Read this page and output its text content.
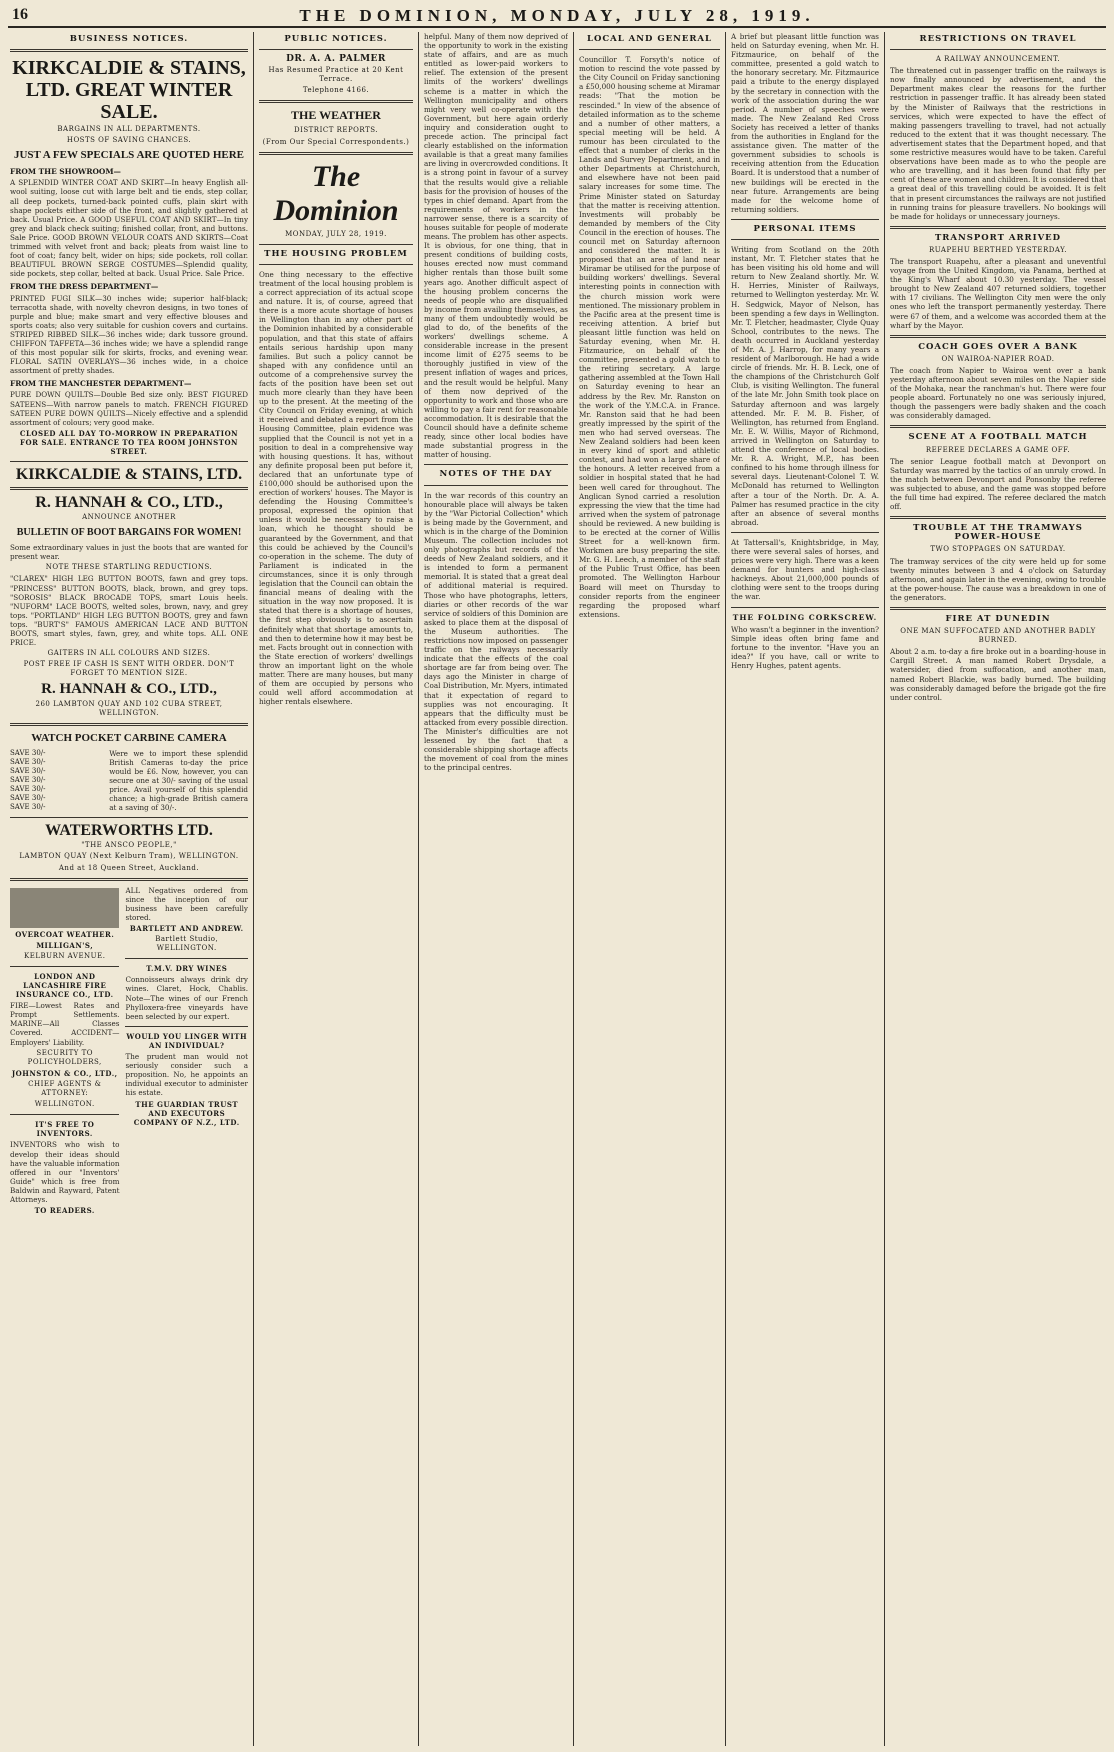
16	THE DOMINION, MONDAY, JULY 28, 1919.
BUSINESS NOTICES.
KIRKCALDIE & STAINS, LTD. GREAT WINTER SALE.
BARGAINS IN ALL DEPARTMENTS.
HOSTS OF SAVING CHANCES.
JUST A FEW SPECIALS ARE QUOTED HERE
FROM THE SHOWROOM—
A SPLENDID WINTER COAT AND SKIRT—In heavy English all-wool suiting, loose cut with large belt and tie ends, step collar, all deep pockets, turned-back pointed cuffs, plain skirt with shape pockets either side of the front, and slightly gathered at back. Usual Price. A GOOD USEFUL COAT AND SKIRT—In tiny grey and black check suiting; finished collar, front, and buttons. Sale Price. GOOD BROWN VELOUR COATS AND SKIRTS—Coat trimmed with velvet front and back; pleats from waist line to foot of coat; fancy belt, wider on hips; side pockets, roll collar. BEAUTIFUL BROWN SERGE COSTUMES—Splendid quality, side pockets, step collar, belted at back. Usual Price. Sale Price.
FROM THE DRESS DEPARTMENT—
PRINTED FUGI SILK—30 inches wide; superior half-black; terracotta shade, with novelty chevron designs, in two tones of purple and blue; make smart and very effective blouses and sports coats; also very suitable for cushion covers and curtains. STRIPED RIBBED SILK—36 inches wide; dark tussore ground. CHIFFON TAFFETA—36 inches wide; we have a splendid range of this most popular silk for skirts, frocks, and evening wear. FLORAL SATIN OVERLAYS—36 inches wide, in a choice assortment of pretty shades.
FROM THE MANCHESTER DEPARTMENT—
PURE DOWN QUILTS—Double Bed size only. BEST FIGURED SATEENS—With narrow panels to match. FRENCH FIGURED SATEEN PURE DOWN QUILTS—Nicely effective and a splendid assortment of colours; very good make.
CLOSED ALL DAY TO-MORROW IN PREPARATION FOR SALE. ENTRANCE TO TEA ROOM JOHNSTON STREET.
KIRKCALDIE & STAINS, LTD.
R. HANNAH & CO., LTD.,
ANNOUNCE ANOTHER
BULLETIN OF BOOT BARGAINS FOR WOMEN!
Some extraordinary values in just the boots that are wanted for present wear.
NOTE THESE STARTLING REDUCTIONS.
"CLAREX" HIGH LEG BUTTON BOOTS, fawn and grey tops. "PRINCESS" BUTTON BOOTS, black, brown, and grey tops. "SOROSIS" BLACK BROCADE TOPS, smart Louis heels. "NUFORM" LACE BOOTS, welted soles, brown, navy, and grey tops. "PORTLAND" HIGH LEG BUTTON BOOTS, grey and fawn tops. "BURT'S" FAMOUS AMERICAN LACE AND BUTTON BOOTS, smart styles, fawn, grey, and white tops. ALL ONE PRICE.
GAITERS IN ALL COLOURS AND SIZES.
POST FREE IF CASH IS SENT WITH ORDER. DON'T FORGET TO MENTION SIZE.
R. HANNAH & CO., LTD.,
260 LAMBTON QUAY AND 102 CUBA STREET, WELLINGTON.
WATCH POCKET CARBINE CAMERA
SAVE 30/-
SAVE 30/-
SAVE 30/-
SAVE 30/-
SAVE 30/-
SAVE 30/-
SAVE 30/-
Were we to import these splendid British Cameras to-day the price would be £6. Now, however, you can secure one at 30/- saving of the usual price. Avail yourself of this splendid chance; a high-grade British camera at a saving of 30/-.
WATERWORTHS LTD.
"THE ANSCO PEOPLE,"
LAMBTON QUAY (Next Kelburn Tram), WELLINGTON.
And at 18 Queen Street, Auckland.
OVERCOAT WEATHER.
MILLIGAN'S,
KELBURN AVENUE.
LONDON AND LANCASHIRE FIRE INSURANCE CO., LTD.
FIRE—Lowest Rates and Prompt Settlements. MARINE—All Classes Covered. ACCIDENT—Employers' Liability.
SECURITY TO POLICYHOLDERS,
JOHNSTON & CO., LTD.,
CHIEF AGENTS & ATTORNEY:
WELLINGTON.
IT'S FREE TO INVENTORS.
INVENTORS who wish to develop their ideas should have the valuable information offered in our "Inventors' Guide" which is free from Baldwin and Rayward, Patent Attorneys.
TO READERS.
ALL Negatives ordered from since the inception of our business have been carefully stored.
BARTLETT AND ANDREW.
Bartlett Studio, WELLINGTON.
T.M.V. DRY WINES
Connoisseurs always drink dry wines. Claret, Hock, Chablis. Note—The wines of our French Phylloxera-free vineyards have been selected by our expert.
WOULD YOU LINGER WITH AN INDIVIDUAL?
The prudent man would not seriously consider such a proposition. No, he appoints an individual executor to administer his estate.
THE GUARDIAN TRUST AND EXECUTORS COMPANY OF N.Z., LTD.
PUBLIC NOTICES.
DR. A. A. PALMER
Has Resumed Practice at 20 Kent Terrace.
Telephone 4166.
THE WEATHER
DISTRICT REPORTS.
(From Our Special Correspondents.)
The Dominion
MONDAY, JULY 28, 1919.
THE HOUSING PROBLEM
One thing necessary to the effective treatment of the local housing problem is a correct appreciation of its actual scope and nature. It is, of course, agreed that there is a more acute shortage of houses in Wellington than in any other part of the Dominion inhabited by a considerable population, and that this state of affairs entails serious hardship upon many families. But such a policy cannot be shaped with any confidence until an outcome of a comprehensive survey the facts of the position have been set out much more clearly than they have been up to the present. At the meeting of the City Council on Friday evening, at which it received and debated a report from the Housing Committee, plain evidence was supplied that the Council is not yet in a position to deal in a comprehensive way with housing questions. It has, without any definite proposal been put before it, declared that an unfortunate type of £100,000 should be authorised upon the erection of workers' houses. The Mayor is defending the Housing Committee's proposal, expressed the opinion that unless it would be necessary to raise a loan, which he thought should be guaranteed by the Government, and that this could be achieved by the Council's co-operation in the scheme. The duty of Parliament is indicated in the circumstances, since it is only through legislation that the Council can obtain the financial means of dealing with the situation in the way now proposed. It is stated that there is a shortage of houses, the first step obviously is to ascertain definitely what that shortage amounts to, and then to determine how it may best be met. Facts brought out in connection with the State erection of workers' dwellings throw an important light on the whole matter. There are many houses, but many of them are occupied by persons who could well afford accommodation at higher rentals elsewhere.
helpful. Many of them now deprived of the opportunity to work in the existing state of affairs, and are as much entitled as lower-paid workers to relief. The extension of the present limits of the workers' dwellings scheme is a matter in which the Wellington municipality and others might very well co-operate with the Government, but here again orderly inquiry and consideration ought to precede action. The principal fact clearly established on the information available is that a great many families are living in overcrowded conditions. It is a strong point in favour of a survey that the results would give a reliable basis for the provision of houses of the types in chief demand. Apart from the requirements of workers in the narrower sense, there is a scarcity of houses suitable for people of moderate means. The problem has other aspects. It is obvious, for one thing, that in present conditions of building costs, houses erected now must command higher rentals than those built some years ago. Another difficult aspect of the housing problem concerns the needs of people who are disqualified by income from availing themselves, as many of them undoubtedly would be glad to do, of the benefits of the workers' dwellings scheme. A considerable increase in the present income limit of £275 seems to be thoroughly justified in view of the present inflation of wages and prices, and the result would be helpful. Many of them now deprived of the opportunity to work and those who are willing to pay a fair rent for reasonable accommodation. It is desirable that the Council should have a definite scheme ready, since other local bodies have made substantial progress in the matter of housing.
NOTES OF THE DAY
In the war records of this country an honourable place will always be taken by the "War Pictorial Collection" which is being made by the Government, and which is in the charge of the Dominion Museum. The collection includes not only photographs but records of the deeds of New Zealand soldiers, and it is intended to form a permanent memorial. It is stated that a great deal of additional material is required. Those who have photographs, letters, diaries or other records of the war service of soldiers of this Dominion are asked to place them at the disposal of the Museum authorities. The restrictions now imposed on passenger traffic on the railways necessarily indicate that the effects of the coal shortage are far from being over. The days ago the Minister in charge of Coal Distribution, Mr. Myers, intimated that it expectation of regard to supplies was not encouraging. It appears that the difficulty must be attacked from every possible direction. The Minister's difficulties are not lessened by the fact that a considerable shipping shortage affects the movement of coal from the mines to the principal centres.
LOCAL AND GENERAL
Councillor T. Forsyth's notice of motion to rescind the vote passed by the City Council on Friday sanctioning a £50,000 housing scheme at Miramar reads: "That the motion be rescinded." In view of the absence of detailed information as to the scheme and a number of other matters, a special meeting will be held. A rumour has been circulated to the effect that a number of clerks in the Lands and Survey Department, and in other Departments at Christchurch, and elsewhere have not been paid salary increases for some time. The Prime Minister stated on Saturday that the matter is receiving attention. Investments will probably be demanded by members of the City Council in the erection of houses. The council met on Saturday afternoon and considered the matter. It is proposed that an area of land near Miramar be utilised for the purpose of building workers' dwellings. Several interesting points in connection with the church mission work were mentioned. The missionary problem in the Pacific area at the present time is receiving attention. A brief but pleasant little function was held on Saturday evening, when Mr. H. Fitzmaurice, on behalf of the committee, presented a gold watch to the retiring secretary. A large gathering assembled at the Town Hall on Saturday evening to hear an address by the Rev. Mr. Ranston on the work of the Y.M.C.A. in France. Mr. Ranston said that he had been greatly impressed by the spirit of the men who had served overseas. The New Zealand soldiers had been keen in every kind of sport and athletic contest, and had won a large share of the honours. A letter received from a soldier in hospital stated that he had been well cared for throughout. The Anglican Synod carried a resolution expressing the view that the time had arrived when the system of patronage should be reviewed. A new building is to be erected at the corner of Willis Street for a well-known firm. Workmen are busy preparing the site. Mr. G. H. Leech, a member of the staff of the Public Trust Office, has been promoted. The Wellington Harbour Board will meet on Thursday to consider reports from the engineer regarding the proposed wharf extensions.
A brief but pleasant little function was held on Saturday evening, when Mr. H. Fitzmaurice, on behalf of the committee, presented a gold watch to the honorary secretary. Mr. Fitzmaurice paid a tribute to the energy displayed by the secretary in connection with the work of the association during the war period. A number of speeches were made. The New Zealand Red Cross Society has received a letter of thanks from the authorities in England for the assistance given. The matter of the government subsidies to schools is receiving attention from the Education Board. It is understood that a number of new buildings will be erected in the near future. Arrangements are being made for the welcome home of returning soldiers.
PERSONAL ITEMS
Writing from Scotland on the 20th instant, Mr. T. Fletcher states that he has been visiting his old home and will return to New Zealand shortly. Mr. W. H. Herries, Minister of Railways, returned to Wellington yesterday. Mr. W. H. Sedgwick, Mayor of Nelson, has been spending a few days in Wellington. Mr. T. Fletcher, headmaster, Clyde Quay School, contributes to the news. The death occurred in Auckland yesterday of Mr. A. J. Harrop, for many years a resident of Marlborough. He had a wide circle of friends. Mr. H. B. Leck, one of the champions of the Christchurch Golf Club, is visiting Wellington. The funeral of the late Mr. John Smith took place on Saturday afternoon and was largely attended. Mr. F. M. B. Fisher, of Wellington, has returned from England. Mr. E. W. Willis, Mayor of Richmond, arrived in Wellington on Saturday to attend the conference of local bodies. Mr. R. A. Wright, M.P., has been confined to his home through illness for several days. Lieutenant-Colonel T. W. McDonald has returned to Wellington after a tour of the North. Dr. A. A. Palmer has resumed practice in the city after an absence of several months abroad.
At Tattersall's, Knightsbridge, in May, there were several sales of horses, and prices were very high. There was a keen demand for hunters and high-class hackneys. About 21,000,000 pounds of clothing were sent to the troops during the war.
THE FOLDING CORKSCREW.
Who wasn't a beginner in the invention? Simple ideas often bring fame and fortune to the inventor. "Have you an idea?" If you have, call or write to Henry Hughes, patent agents.
RESTRICTIONS ON TRAVEL
A RAILWAY ANNOUNCEMENT.
The threatened cut in passenger traffic on the railways is now finally announced by advertisement, and the Department makes clear the reasons for the further restriction in passenger traffic. It has already been stated by the Minister of Railways that the restrictions in services, which were expected to have the effect of making passengers travelling to travel, had not actually reduced to the extent that it was thought necessary. The advertisement states that the Department hoped, and that some restrictive measures would have to be taken. Careful observations have been made as to who the people are who are travelling, and it has been found that fifty per cent of these are women and children. It is considered that a great deal of this travelling could be avoided. It is felt that in present circumstances the railways are not justified in running trains for pleasure travellers. No bookings will be made for holidays or unnecessary journeys.
TRANSPORT ARRIVED
RUAPEHU BERTHED YESTERDAY.
The transport Ruapehu, after a pleasant and uneventful voyage from the United Kingdom, via Panama, berthed at the King's Wharf about 10.30 yesterday. The vessel brought to New Zealand 407 returned soldiers, together with 17 civilians. The Wellington City men were the only ones who left the transport permanently yesterday. There were 67 of them, and a welcome was accorded them at the wharf by the Mayor.
COACH GOES OVER A BANK
ON WAIROA-NAPIER ROAD.
The coach from Napier to Wairoa went over a bank yesterday afternoon about seven miles on the Napier side of the Mohaka, near the ranchman's hut. There were four people aboard. Fortunately no one was seriously injured, though the passengers were badly shaken and the coach was considerably damaged.
SCENE AT A FOOTBALL MATCH
REFEREE DECLARES A GAME OFF.
The senior League football match at Devonport on Saturday was marred by the tactics of an unruly crowd. In the match between Devonport and Ponsonby the referee was subjected to abuse, and the game was stopped before the full time had expired. The referee declared the match off.
TROUBLE AT THE TRAMWAYS POWER-HOUSE
TWO STOPPAGES ON SATURDAY.
The tramway services of the city were held up for some twenty minutes between 3 and 4 o'clock on Saturday afternoon, and again later in the evening, owing to trouble at the power-house. The cause was a breakdown in one of the generators.
FIRE AT DUNEDIN
ONE MAN SUFFOCATED AND ANOTHER BADLY BURNED.
About 2 a.m. to-day a fire broke out in a boarding-house in Cargill Street. A man named Robert Drysdale, a watersider, died from suffocation, and another man, named Robert Blackie, was badly burned. The building was considerably damaged before the brigade got the fire under control.
